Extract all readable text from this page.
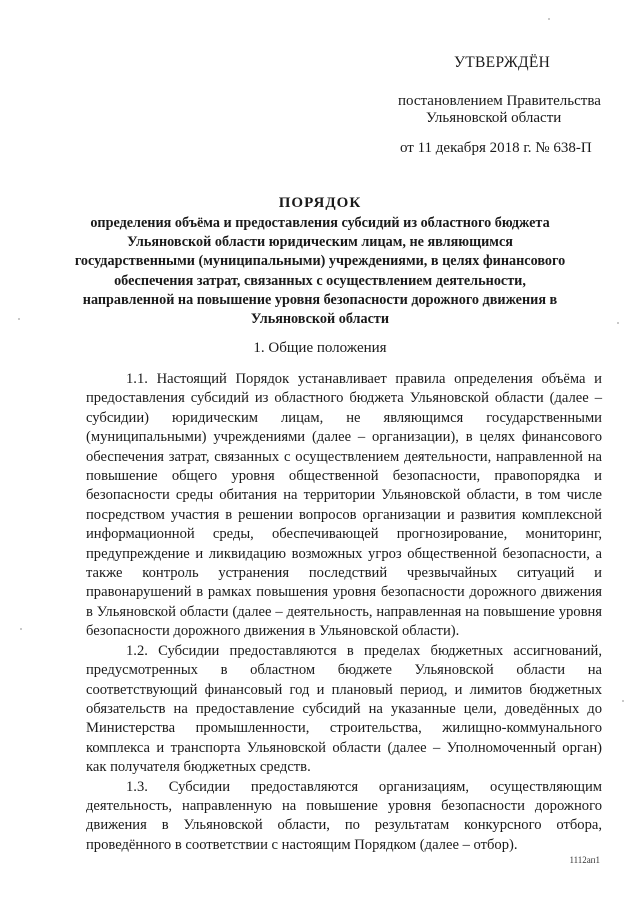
УТВЕРЖДЁН
постановлением Правительства
Ульяновской области
от 11 декабря 2018 г. № 638-П

ПОРЯДОК

определения объёма и предоставления субсидий из областного бюджета Ульяновской области юридическим лицам, не являющимся государственными (муниципальными) учреждениями, в целях финансового обеспечения затрат, связанных с осуществлением деятельности, направленной на повышение уровня безопасности дорожного движения в Ульяновской области

1. Общие положения

1.1. Настоящий Порядок устанавливает правила определения объёма и предоставления субсидий из областного бюджета Ульяновской области (далее – субсидии) юридическим лицам, не являющимся государственными (муниципальными) учреждениями (далее – организации), в целях финансового обеспечения затрат, связанных с осуществлением деятельности, направленной на повышение общего уровня общественной безопасности, правопорядка и безопасности среды обитания на территории Ульяновской области, в том числе посредством участия в решении вопросов организации и развития комплексной информационной среды, обеспечивающей прогнозирование, мониторинг, предупреждение и ликвидацию возможных угроз общественной безопасности, а также контроль устранения последствий чрезвычайных ситуаций и правонарушений в рамках повышения уровня безопасности дорожного движения в Ульяновской области (далее – деятельность, направленная на повышение уровня безопасности дорожного движения в Ульяновской области).

1.2. Субсидии предоставляются в пределах бюджетных ассигнований, предусмотренных в областном бюджете Ульяновской области на соответствующий финансовый год и плановый период, и лимитов бюджетных обязательств на предоставление субсидий на указанные цели, доведённых до Министерства промышленности, строительства, жилищно-коммунального комплекса и транспорта Ульяновской области (далее – Уполномоченный орган) как получателя бюджетных средств.

1.3. Субсидии предоставляются организациям, осуществляющим деятельность, направленную на повышение уровня безопасности дорожного движения в Ульяновской области, по результатам конкурсного отбора, проведённого в соответствии с настоящим Порядком (далее – отбор).

1112ап1
